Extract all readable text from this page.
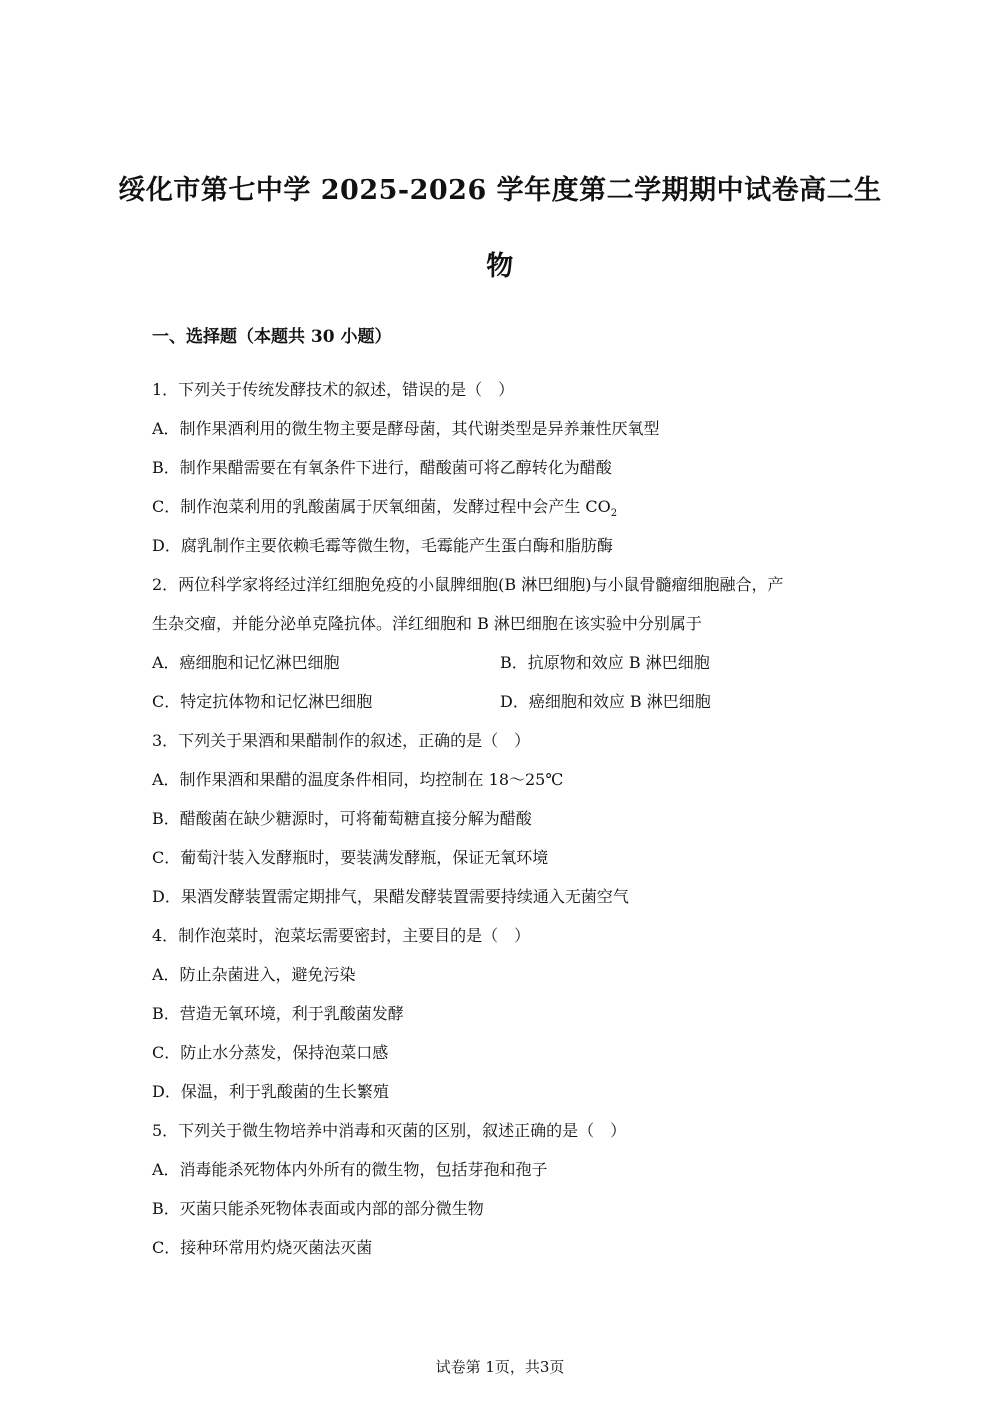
绥化市第七中学 2025-2026 学年度第二学期期中试卷高二生
物
一、选择题（本题共 30 小题）
1．下列关于传统发酵技术的叙述，错误的是（　）
A．制作果酒利用的微生物主要是酵母菌，其代谢类型是异养兼性厌氧型
B．制作果醋需要在有氧条件下进行，醋酸菌可将乙醇转化为醋酸
C．制作泡菜利用的乳酸菌属于厌氧细菌，发酵过程中会产生 $CO_2$
D．腐乳制作主要依赖毛霉等微生物，毛霉能产生蛋白酶和脂肪酶
2．两位科学家将经过洋红细胞免疫的小鼠脾细胞(B 淋巴细胞)与小鼠骨髓瘤细胞融合，产
生杂交瘤，并能分泌单克隆抗体。洋红细胞和 B 淋巴细胞在该实验中分别属于
A．癌细胞和记忆淋巴细胞	B．抗原物和效应 B 淋巴细胞
C．特定抗体物和记忆淋巴细胞	D．癌细胞和效应 B 淋巴细胞
3．下列关于果酒和果醋制作的叙述，正确的是（　）
A．制作果酒和果醋的温度条件相同，均控制在 18～25℃
B．醋酸菌在缺少糖源时，可将葡萄糖直接分解为醋酸
C．葡萄汁装入发酵瓶时，要装满发酵瓶，保证无氧环境
D．果酒发酵装置需定期排气，果醋发酵装置需要持续通入无菌空气
4．制作泡菜时，泡菜坛需要密封，主要目的是（　）
A．防止杂菌进入，避免污染
B．营造无氧环境，利于乳酸菌发酵
C．防止水分蒸发，保持泡菜口感
D．保温，利于乳酸菌的生长繁殖
5．下列关于微生物培养中消毒和灭菌的区别，叙述正确的是（　）
A．消毒能杀死物体内外所有的微生物，包括芽孢和孢子
B．灭菌只能杀死物体表面或内部的部分微生物
C．接种环常用灼烧灭菌法灭菌
试卷第 1页，共3页
